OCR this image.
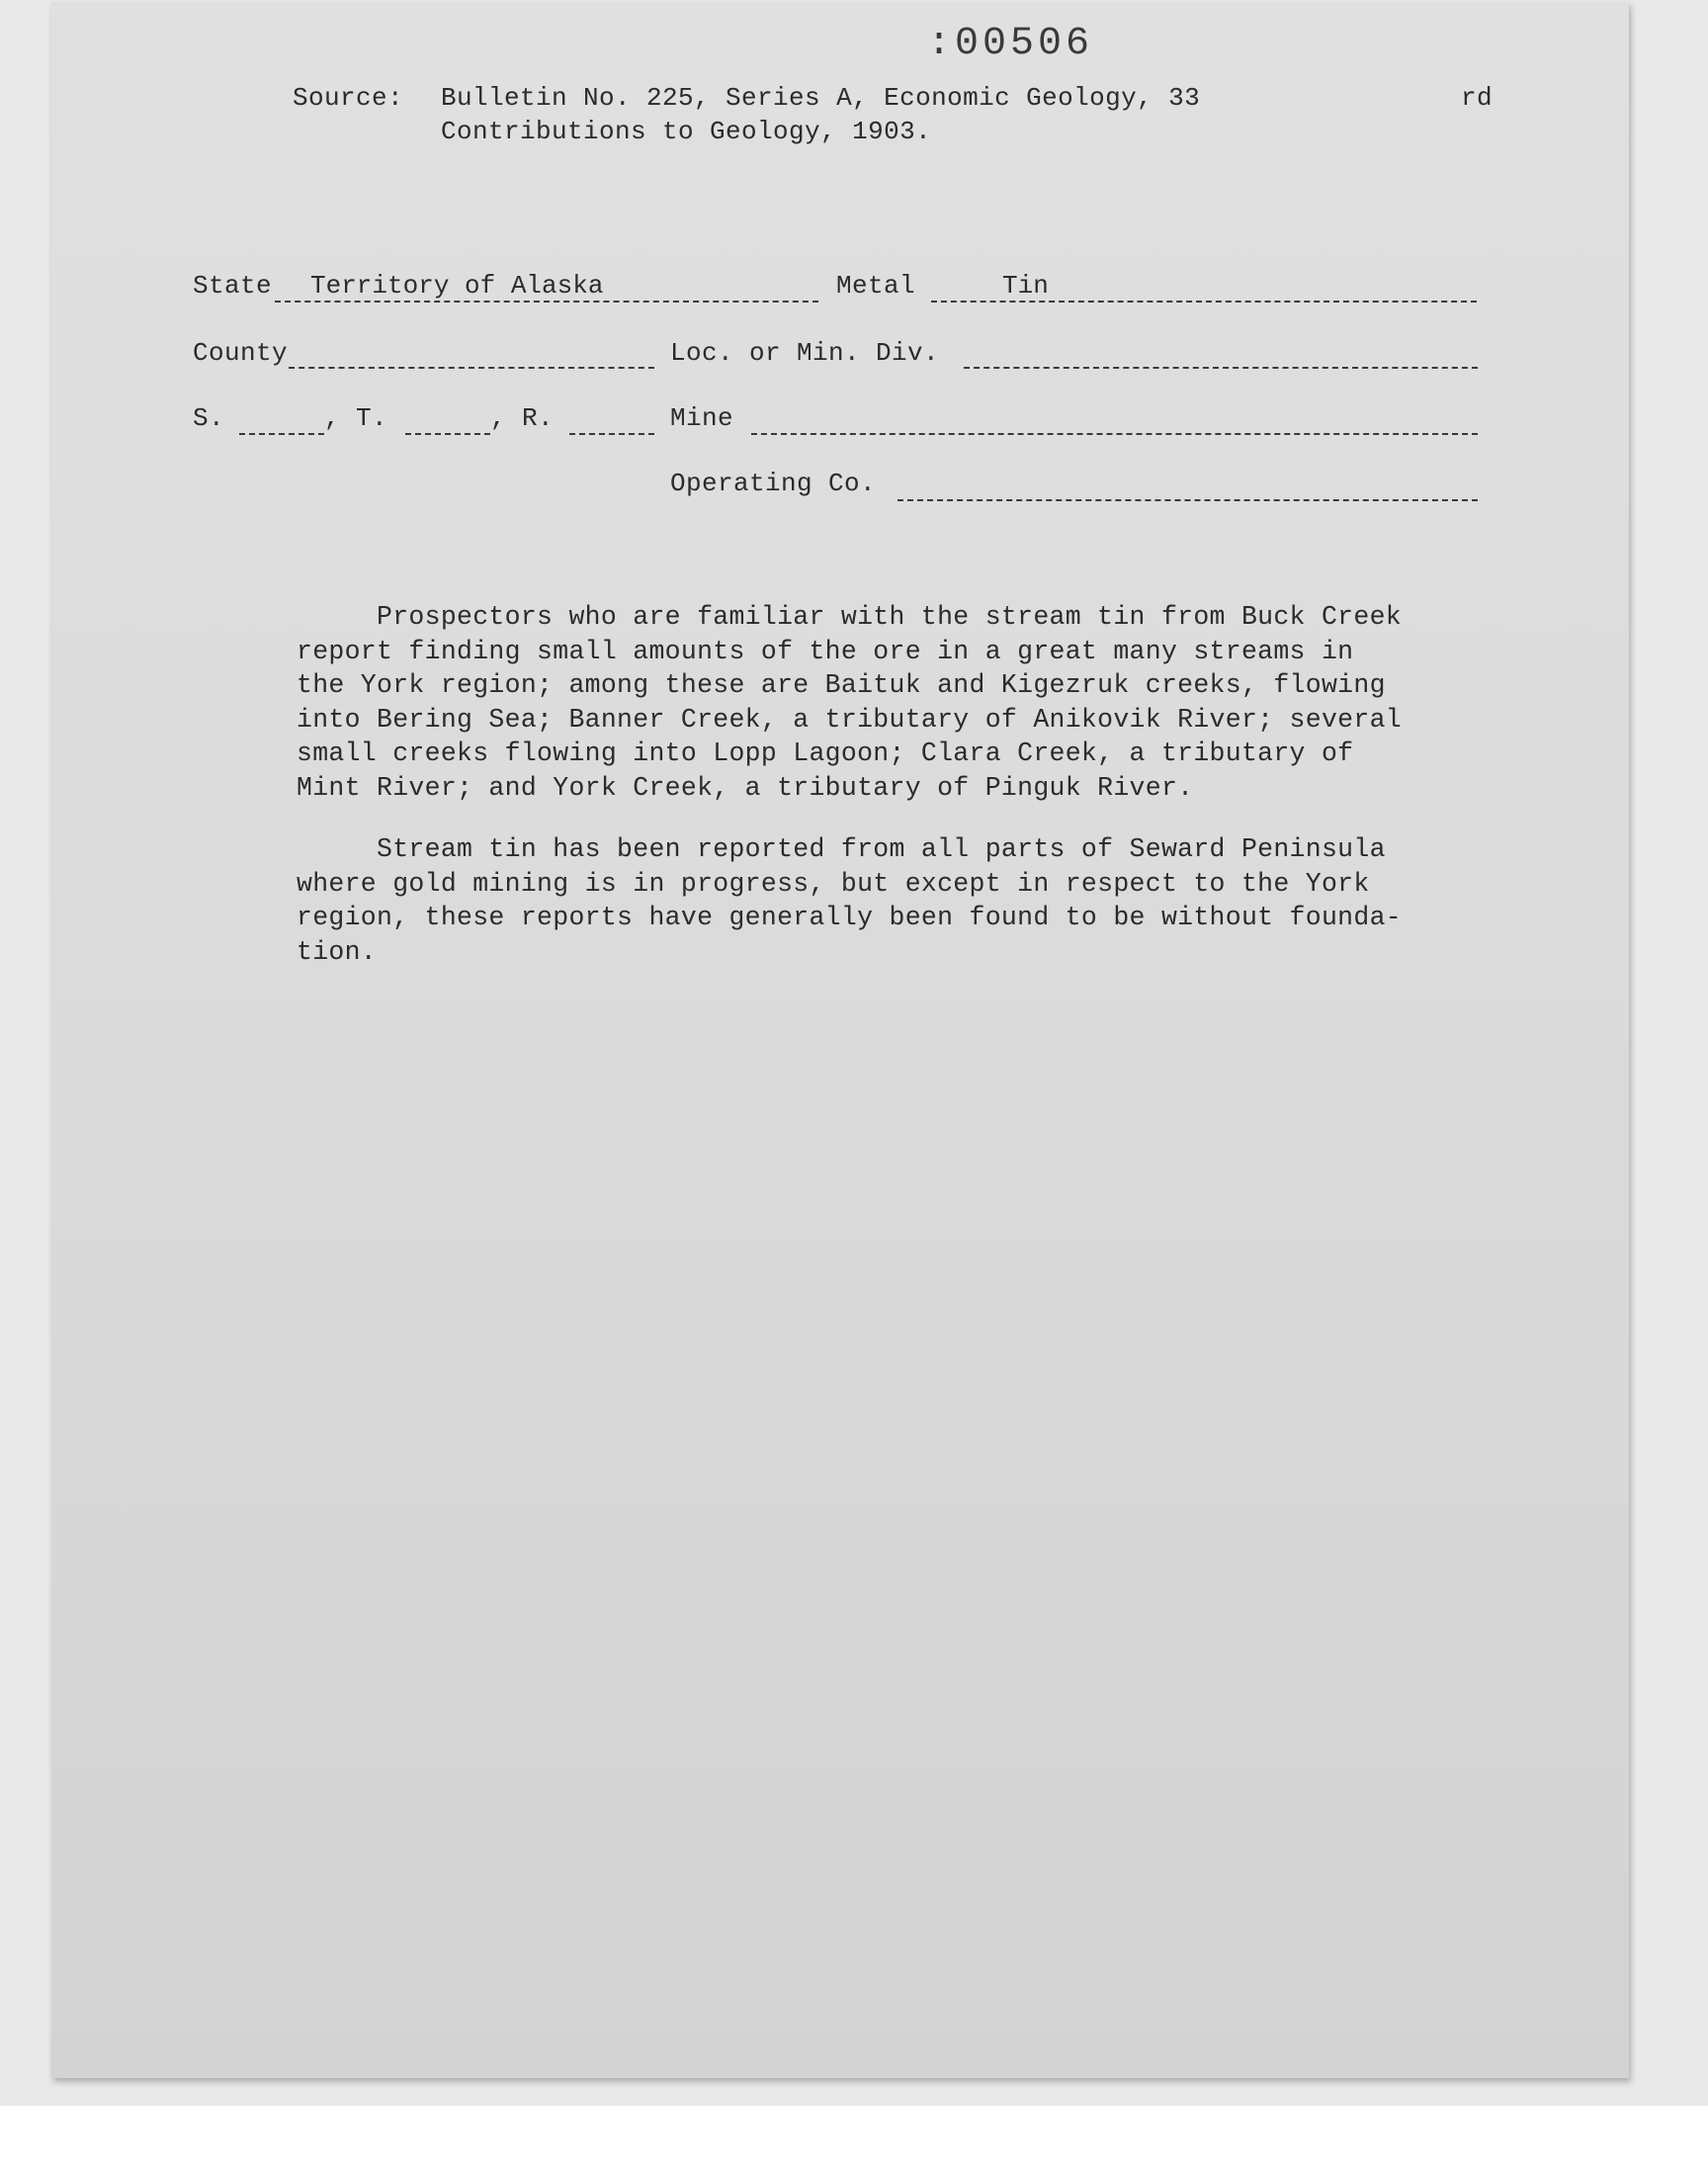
:00506
Source: Bulletin No. 225, Series A, Economic Geology, 33
Contributions to Geology, 1903.
rd
State Territory of Alaska	Metal	Tin
County	Loc. or Min. Div.
S.	, T.	, R.	Mine
Operating Co.

Prospectors who are familiar with the stream tin from Buck Creek

report finding small amounts of the ore in a great many streams in

the York region; among these are Baituk and Kigezruk creeks, flowing

into Bering Sea; Banner Creek, a tributary of Anikovik River; several

small creeks flowing into Lopp Lagoon; Clara Creek, a tributary of

Mint River; and York Creek, a tributary of Pinguk River.

Stream tin has been reported from all parts of Seward Peninsula

where gold mining is in progress, but except in respect to the York

region, these reports have generally been found to be without founda-

tion.
